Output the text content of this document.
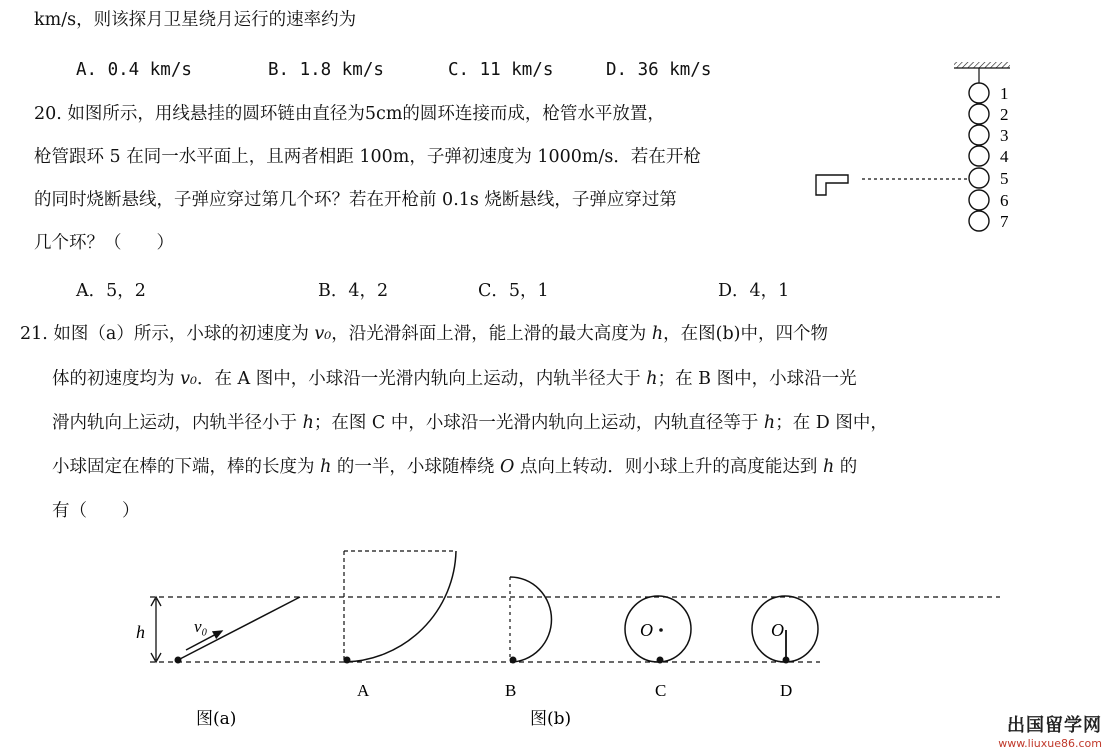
km/s，则该探月卫星绕月运行的速率约为
A. 0.4 km/s	B. 1.8 km/s	C. 11 km/s	D. 36 km/s
20. 如图所示，用线悬挂的圆环链由直径为5cm的圆环连接而成，枪管水平放置，
枪管跟环 5 在同一水平面上，且两者相距 100m，子弹初速度为 1000m/s．若在开枪
的同时烧断悬线，子弹应穿过第几个环？若在开枪前 0.1s 烧断悬线，子弹应穿过第
几个环？（　　）
A．5，2	B．4，2	C．5，1	D．4，1
21. 如图（a）所示，小球的初速度为 v₀，沿光滑斜面上滑，能上滑的最大高度为 h，在图(b)中，四个物
体的初速度均为 v₀．在 A 图中，小球沿一光滑内轨向上运动，内轨半径大于 h；在 B 图中，小球沿一光
滑内轨向上运动，内轨半径小于 h；在图 C 中，小球沿一光滑内轨向上运动，内轨直径等于 h；在 D 图中，
小球固定在棒的下端，棒的长度为 h 的一半，小球随棒绕 O 点向上转动．则小球上升的高度能达到 h 的
有（　　）
1
2
3
4
5
6
7
h	v₀	O	O
A	B	C	D
图(a)	图(b)	出国留学网
www.liuxue86.com
